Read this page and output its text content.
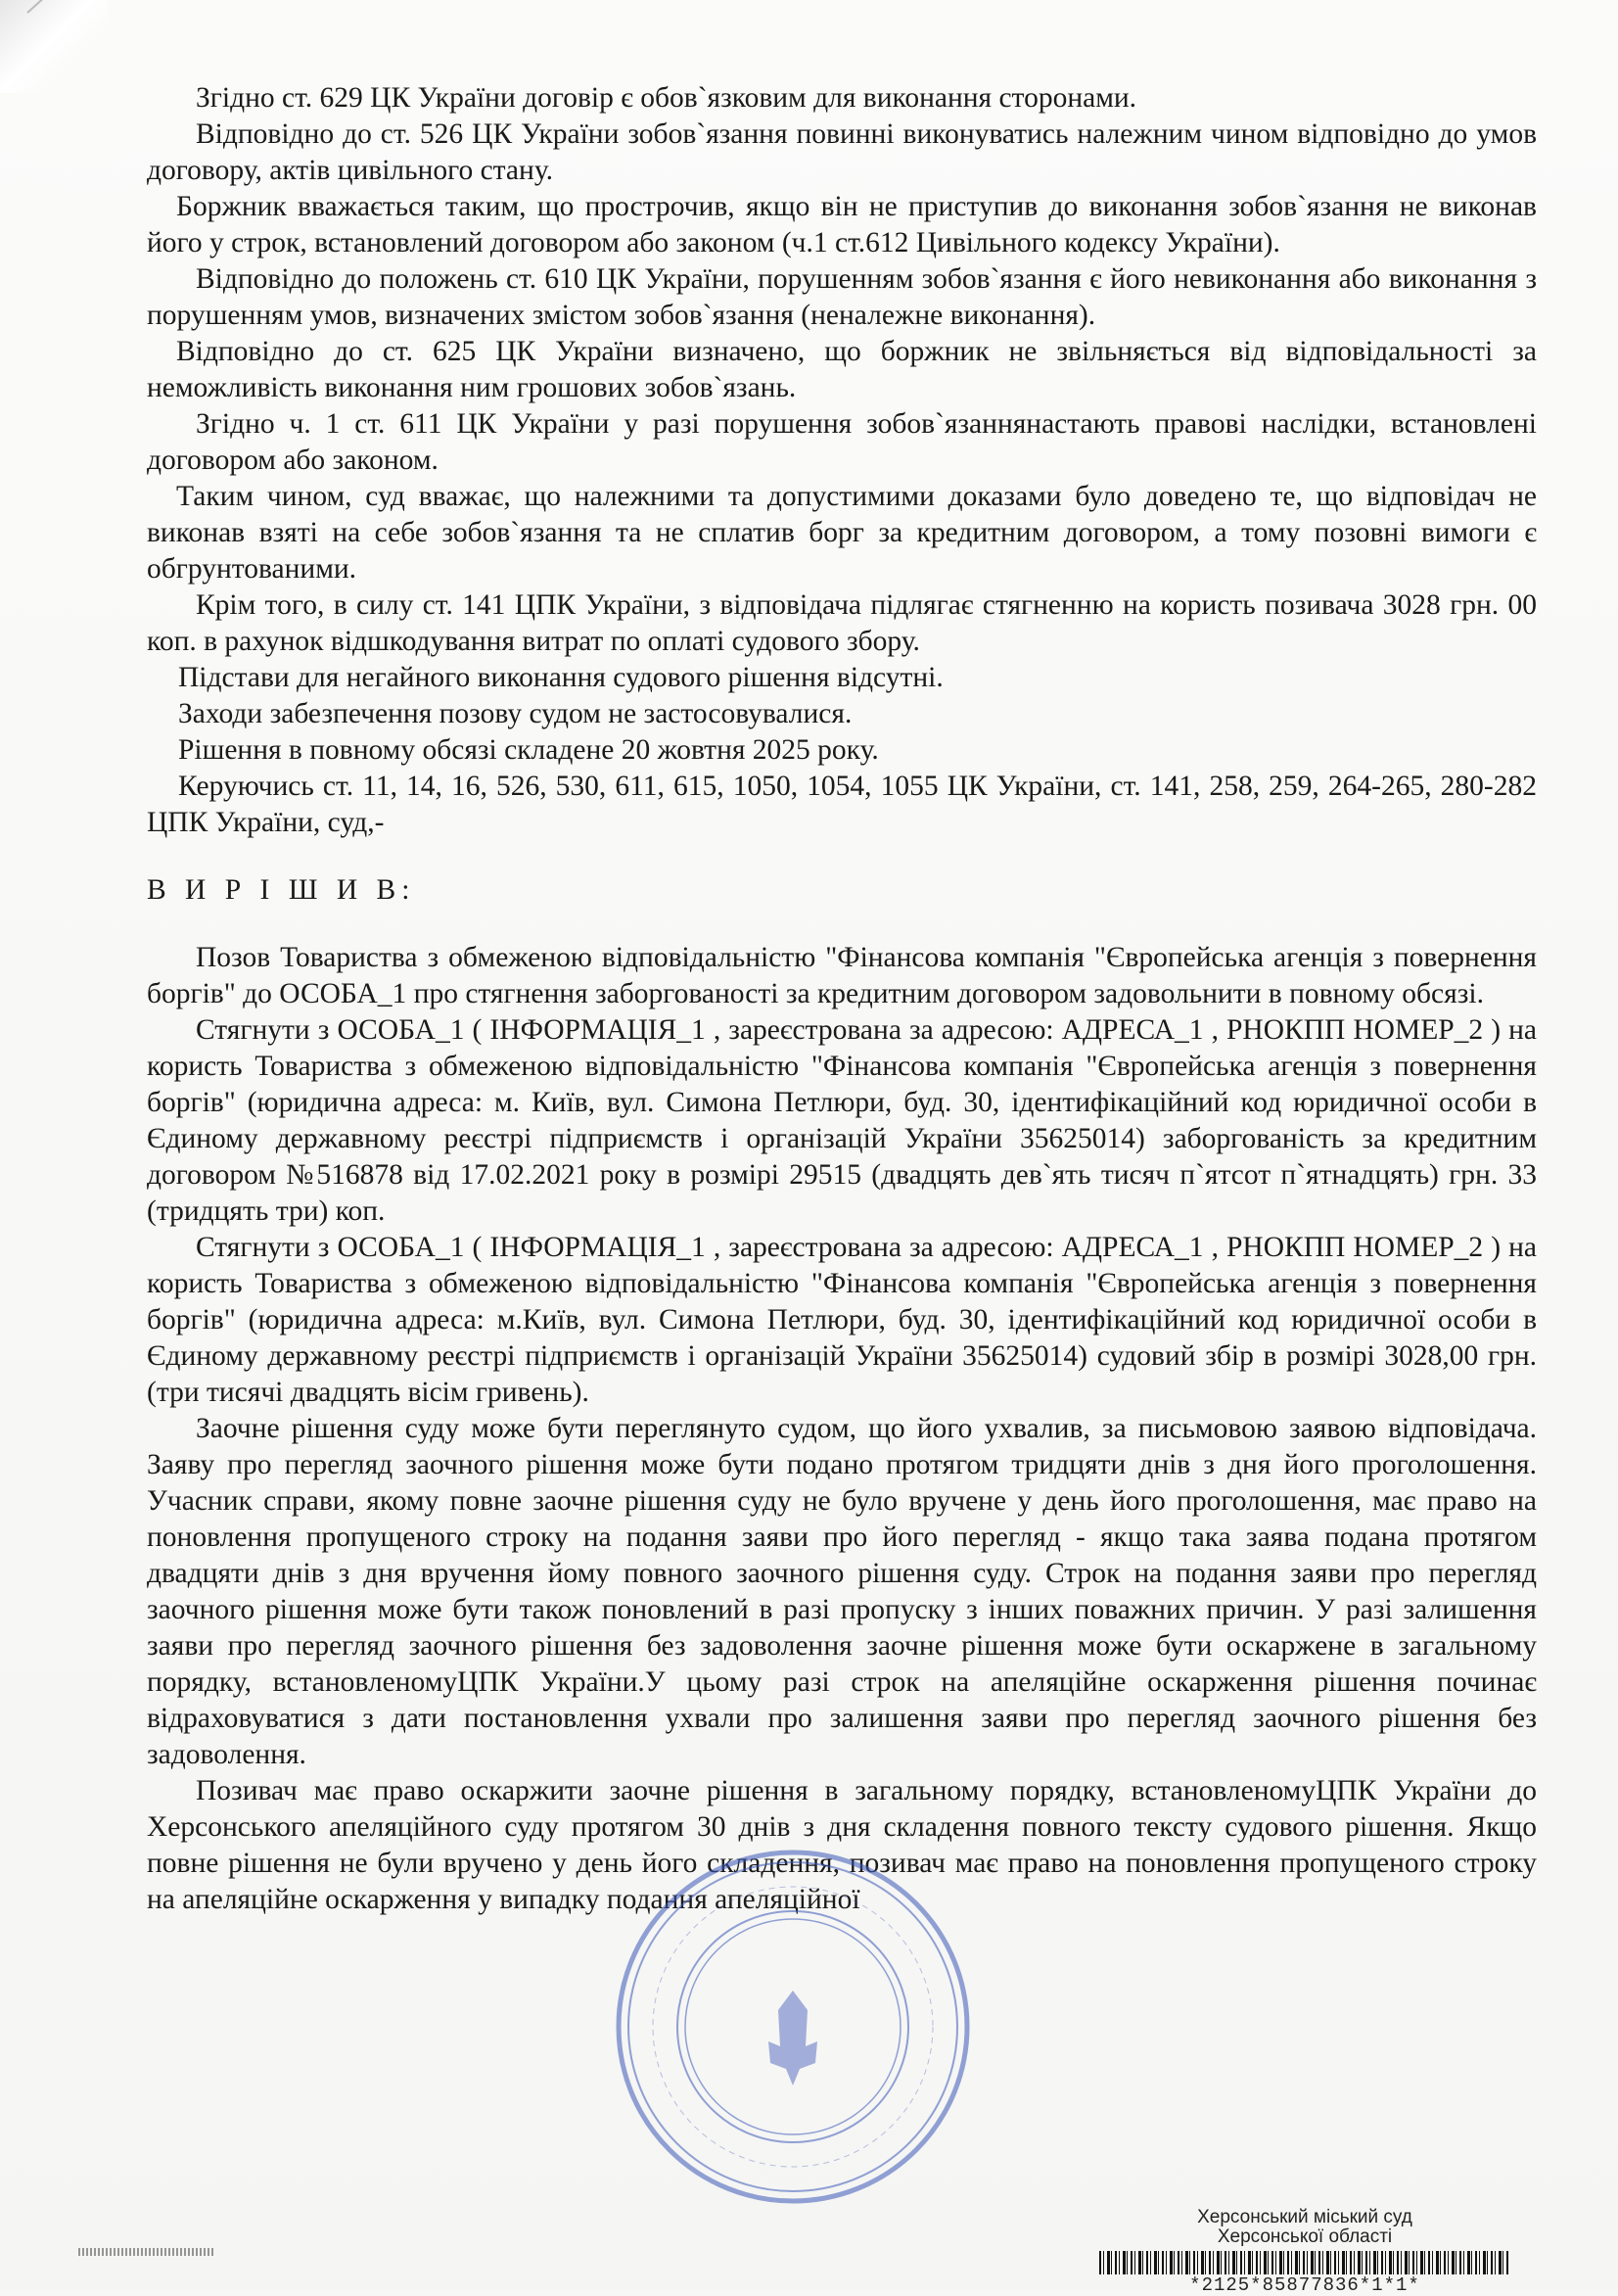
Згідно ст. 629 ЦК України договір є обов`язковим для виконання сторонами.

Відповідно до ст. 526 ЦК України зобов`язання повинні виконуватись належним чином відповідно до умов договору, актів цивільного стану.

Боржник вважається таким, що прострочив, якщо він не приступив до виконання зобов`язання не виконав його у строк, встановлений договором або законом (ч.1 ст.612 Цивільного кодексу України).

Відповідно до положень ст. 610 ЦК України, порушенням зобов`язання є його невиконання або виконання з порушенням умов, визначених змістом зобов`язання (неналежне виконання).

Відповідно до ст. 625 ЦК України визначено, що боржник не звільняється від відповідальності за неможливість виконання ним грошових зобов`язань.

Згідно ч. 1 ст. 611 ЦК України у разі порушення зобов`язаннянастають правові наслідки, встановлені договором або законом.

Таким чином, суд вважає, що належними та допустимими доказами було доведено те, що відповідач не виконав взяті на себе зобов`язання та не сплатив борг за кредитним договором, а тому позовні вимоги є обгрунтованими.

Крім того, в силу ст. 141 ЦПК України, з відповідача підлягає стягненню на користь позивача 3028 грн. 00 коп. в рахунок відшкодування витрат по оплаті судового збору.

Підстави для негайного виконання судового рішення відсутні.

Заходи забезпечення позову судом не застосовувалися.

Рішення в повному обсязі складене 20 жовтня 2025 року.

Керуючись ст. 11, 14, 16, 526, 530, 611, 615, 1050, 1054, 1055 ЦК України, ст. 141, 258, 259, 264-265, 280-282 ЦПК України, суд,-

В И Р І Ш И В:

Позов Товариства з обмеженою відповідальністю "Фінансова компанія "Європейська агенція з повернення боргів" до ОСОБА_1 про стягнення заборгованості за кредитним договором задовольнити в повному обсязі.

Стягнути з ОСОБА_1 ( ІНФОРМАЦІЯ_1 , зареєстрована за адресою: АДРЕСА_1 , РНОКПП НОМЕР_2 ) на користь Товариства з обмеженою відповідальністю "Фінансова компанія "Європейська агенція з повернення боргів" (юридична адреса: м. Київ, вул. Симона Петлюри, буд. 30, ідентифікаційний код юридичної особи в Єдиному державному реєстрі підприємств і організацій України 35625014) заборгованість за кредитним договором №516878 від 17.02.2021 року в розмірі 29515 (двадцять дев`ять тисяч п`ятсот п`ятнадцять) грн. 33 (тридцять три) коп.

Стягнути з ОСОБА_1 ( ІНФОРМАЦІЯ_1 , зареєстрована за адресою: АДРЕСА_1 , РНОКПП НОМЕР_2 ) на користь Товариства з обмеженою відповідальністю "Фінансова компанія "Європейська агенція з повернення боргів" (юридична адреса: м.Київ, вул. Симона Петлюри, буд. 30, ідентифікаційний код юридичної особи в Єдиному державному реєстрі підприємств і організацій України 35625014) судовий збір в розмірі 3028,00 грн. (три тисячі двадцять вісім гривень).

Заочне рішення суду може бути переглянуто судом, що його ухвалив, за письмовою заявою відповідача. Заяву про перегляд заочного рішення може бути подано протягом тридцяти днів з дня його проголошення. Учасник справи, якому повне заочне рішення суду не було вручене у день його проголошення, має право на поновлення пропущеного строку на подання заяви про його перегляд - якщо така заява подана протягом двадцяти днів з дня вручення йому повного заочного рішення суду. Строк на подання заяви про перегляд заочного рішення може бути також поновлений в разі пропуску з інших поважних причин. У разі залишення заяви про перегляд заочного рішення без задоволення заочне рішення може бути оскаржене в загальному порядку, встановленомуЦПК України.У цьому разі строк на апеляційне оскарження рішення починає відраховуватися з дати постановлення ухвали про залишення заяви про перегляд заочного рішення без задоволення.

Позивач має право оскаржити заочне рішення в загальному порядку, встановленомуЦПК України до Херсонського апеляційного суду протягом 30 днів з дня складення повного тексту судового рішення. Якщо повне рішення не були вручено у день його складення, позивач має право на поновлення пропущеного строку на апеляційне оскарження у випадку подання апеляційної

Херсонський міський суд
Херсонської області
*2125*85877836*1*1*
